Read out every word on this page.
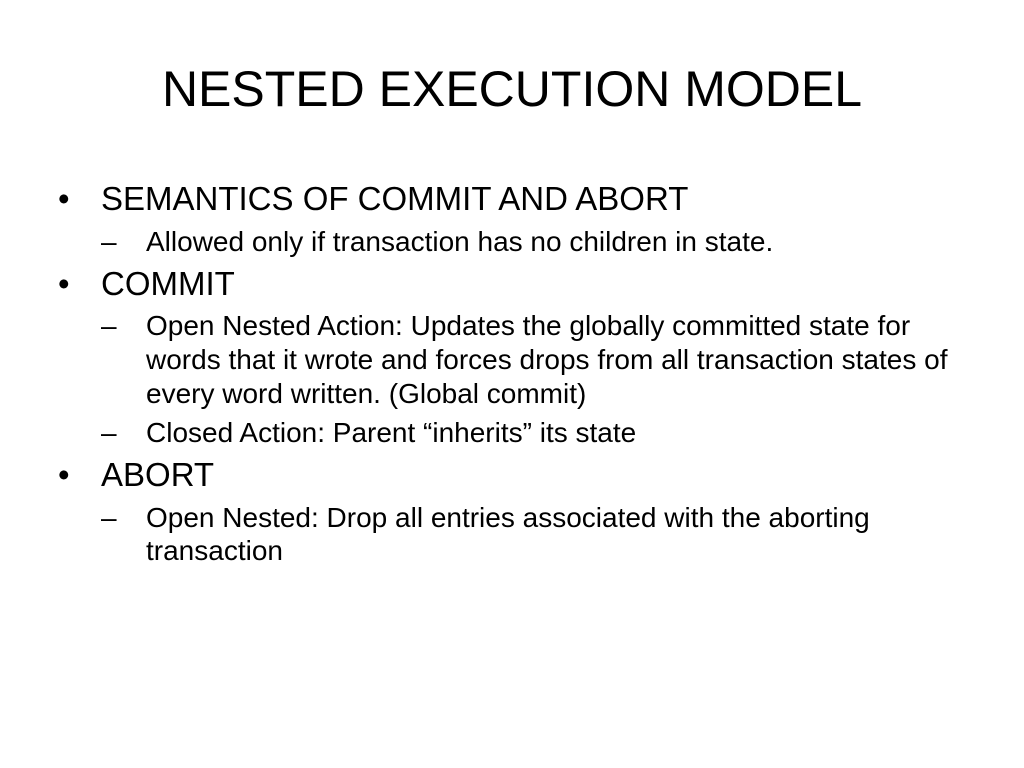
NESTED EXECUTION MODEL
• SEMANTICS OF COMMIT AND ABORT
–	Allowed only if transaction has no children in state.
• COMMIT
–	Open Nested Action: Updates the globally committed state for words that it wrote and forces drops from all transaction states of every word written. (Global commit)
–	Closed Action: Parent “inherits” its state
• ABORT
–	Open Nested: Drop all entries associated with the aborting transaction
